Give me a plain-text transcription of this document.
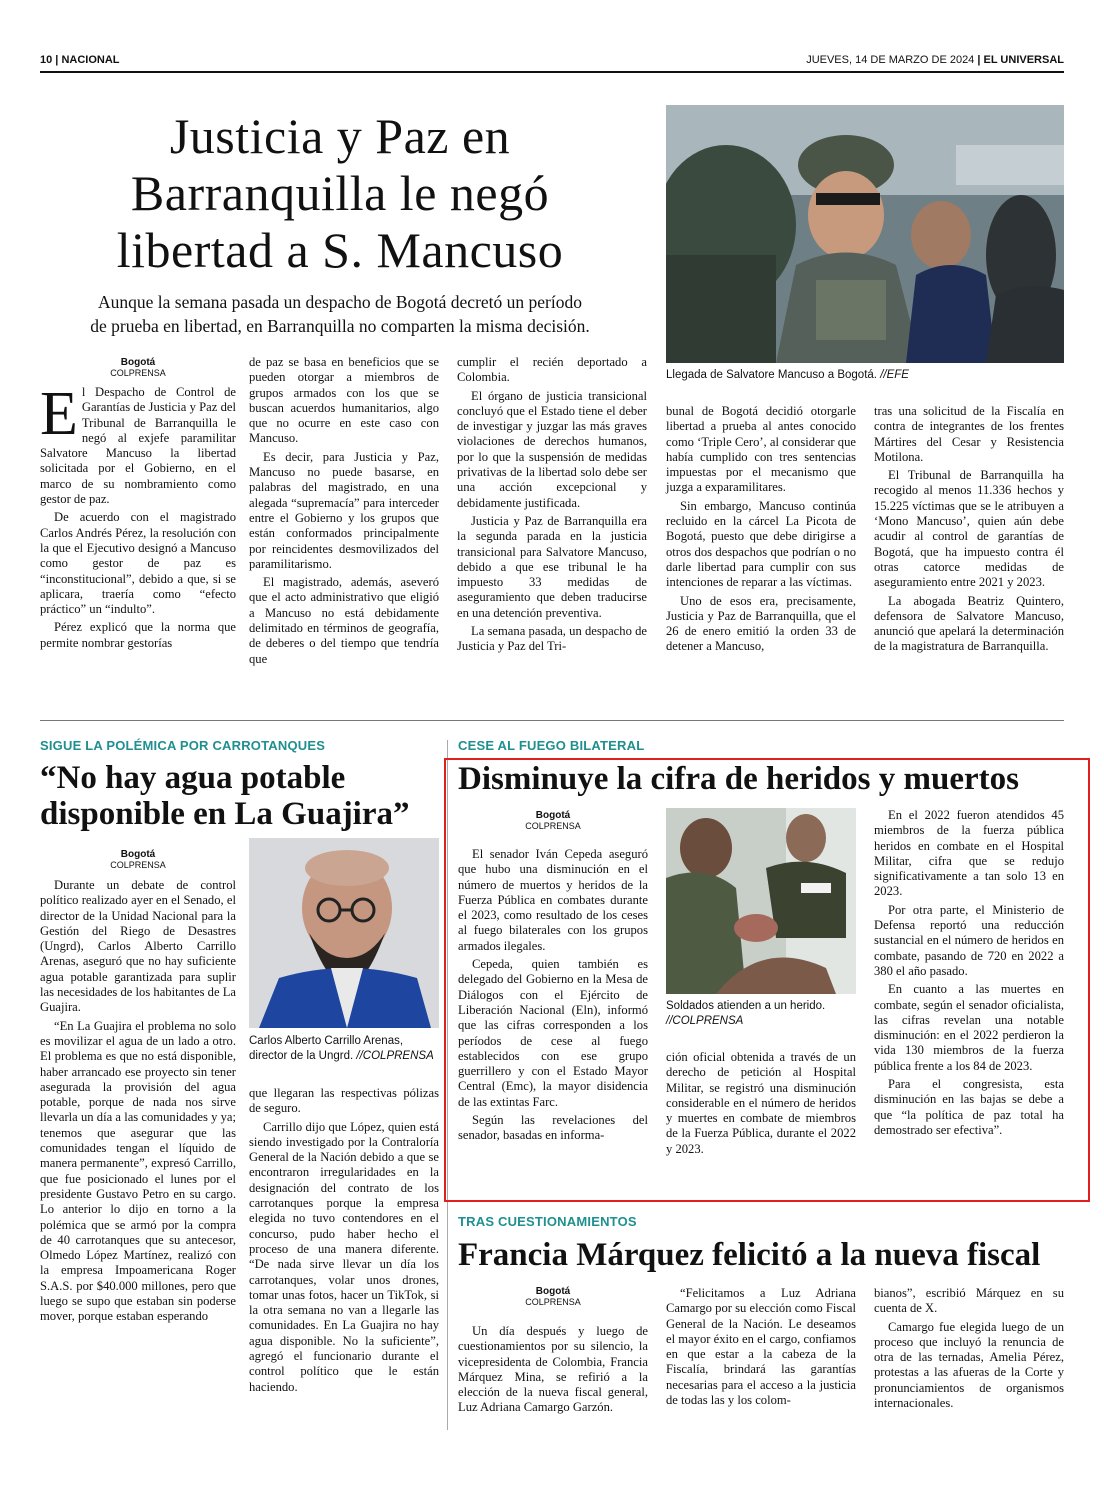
10 | NACIONAL	JUEVES, 14 DE MARZO DE 2024 | EL UNIVERSAL
Justicia y Paz en
Barranquilla le negó
libertad a S. Mancuso
Aunque la semana pasada un despacho de Bogotá decretó un período
de prueba en libertad, en Barranquilla no comparten la misma decisión.
Llegada de Salvatore Mancuso a Bogotá. //EFE
Bogotá
COLPRENSA

El Despacho de Control de Garantías de Justicia y Paz del Tribunal de Barranquilla le negó al exjefe paramilitar Salvatore Mancuso la libertad solicitada por el Gobierno, en el marco de su nombramiento como gestor de paz.

De acuerdo con el magistrado Carlos Andrés Pérez, la resolución con la que el Ejecutivo designó a Mancuso como gestor de paz es “inconstitucional”, debido a que, si se aplicara, traería como “efecto práctico” un “indulto”.

Pérez explicó que la norma que permite nombrar gestorías

de paz se basa en beneficios que se pueden otorgar a miembros de grupos armados con los que se buscan acuerdos humanitarios, algo que no ocurre en este caso con Mancuso.

Es decir, para Justicia y Paz, Mancuso no puede basarse, en palabras del magistrado, en una alegada “supremacía” para interceder entre el Gobierno y los grupos que están conformados principalmente por reincidentes desmovilizados del paramilitarismo.

El magistrado, además, aseveró que el acto administrativo que eligió a Mancuso no está debidamente delimitado en términos de geografía, de deberes o del tiempo que tendría que

cumplir el recién deportado a Colombia.

El órgano de justicia transicional concluyó que el Estado tiene el deber de investigar y juzgar las más graves violaciones de derechos humanos, por lo que la suspensión de medidas privativas de la libertad solo debe ser una acción excepcional y debidamente justificada.

Justicia y Paz de Barranquilla era la segunda parada en la justicia transicional para Salvatore Mancuso, debido a que ese tribunal le ha impuesto 33 medidas de aseguramiento que deben traducirse en una detención preventiva.

La semana pasada, un despacho de Justicia y Paz del Tri-

bunal de Bogotá decidió otorgarle libertad a prueba al antes conocido como ‘Triple Cero’, al considerar que había cumplido con tres sentencias impuestas por el mecanismo que juzga a exparamilitares.

Sin embargo, Mancuso continúa recluido en la cárcel La Picota de Bogotá, puesto que debe dirigirse a otros dos despachos que podrían o no darle libertad para cumplir con sus intenciones de reparar a las víctimas.

Uno de esos era, precisamente, Justicia y Paz de Barranquilla, que el 26 de enero emitió la orden 33 de detener a Mancuso,

tras una solicitud de la Fiscalía en contra de integrantes de los frentes Mártires del Cesar y Resistencia Motilona.

El Tribunal de Barranquilla ha recogido al menos 11.336 hechos y 15.225 víctimas que se le atribuyen a ‘Mono Mancuso’, quien aún debe acudir al control de garantías de Bogotá, que ha impuesto contra él otras catorce medidas de aseguramiento entre 2021 y 2023.

La abogada Beatriz Quintero, defensora de Salvatore Mancuso, anunció que apelará la determinación de la magistratura de Barranquilla.

SIGUE LA POLÉMICA POR CARROTANQUES
“No hay agua potable
disponible en La Guajira”
Bogotá
COLPRENSA
Carlos Alberto Carrillo Arenas,
director de la Ungrd. //COLPRENSA

Durante un debate de control político realizado ayer en el Senado, el director de la Unidad Nacional para la Gestión del Riego de Desastres (Ungrd), Carlos Alberto Carrillo Arenas, aseguró que no hay suficiente agua potable garantizada para suplir las necesidades de los habitantes de La Guajira.

“En La Guajira el problema no solo es movilizar el agua de un lado a otro. El problema es que no está disponible, haber arrancado ese proyecto sin tener asegurada la provisión del agua potable, porque de nada nos sirve llevarla un día a las comunidades y ya; tenemos que asegurar que las comunidades tengan el líquido de manera permanente”, expresó Carrillo, que fue posicionado el lunes por el presidente Gustavo Petro en su cargo. Lo anterior lo dijo en torno a la polémica que se armó por la compra de 40 carrotanques que su antecesor, Olmedo López Martínez, realizó con la empresa Impoamericana Roger S.A.S. por $40.000 millones, pero que luego se supo que estaban sin poderse mover, porque estaban esperando

que llegaran las respectivas pólizas de seguro.

Carrillo dijo que López, quien está siendo investigado por la Contraloría General de la Nación debido a que se encontraron irregularidades en la designación del contrato de los carrotanques porque la empresa elegida no tuvo contendores en el concurso, pudo haber hecho el proceso de una manera diferente. “De nada sirve llevar un día los carrotanques, volar unos drones, tomar unas fotos, hacer un TikTok, si la otra semana no van a llegarle las comunidades. En La Guajira no hay agua disponible. No la suficiente”, agregó el funcionario durante el control político que le están haciendo.

CESE AL FUEGO BILATERAL
Disminuye la cifra de heridos y muertos
Bogotá
COLPRENSA

El senador Iván Cepeda aseguró que hubo una disminución en el número de muertos y heridos de la Fuerza Pública en combates durante el 2023, como resultado de los ceses al fuego bilaterales con los grupos armados ilegales.

Cepeda, quien también es delegado del Gobierno en la Mesa de Diálogos con el Ejército de Liberación Nacional (Eln), informó que las cifras corresponden a los períodos de cese al fuego establecidos con ese grupo guerrillero y con el Estado Mayor Central (Emc), la mayor disidencia de las extintas Farc.

Según las revelaciones del senador, basadas en informa-

Soldados atienden a un herido.
//COLPRENSA

ción oficial obtenida a través de un derecho de petición al Hospital Militar, se registró una disminución considerable en el número de heridos y muertes en combate de miembros de la Fuerza Pública, durante el 2022 y 2023.

En el 2022 fueron atendidos 45 miembros de la fuerza pública heridos en combate en el Hospital Militar, cifra que se redujo significativamente a tan solo 13 en 2023.

Por otra parte, el Ministerio de Defensa reportó una reducción sustancial en el número de heridos en combate, pasando de 720 en 2022 a 380 el año pasado.

En cuanto a las muertes en combate, según el senador oficialista, las cifras revelan una notable disminución: en el 2022 perdieron la vida 130 miembros de la fuerza pública frente a los 84 de 2023.

Para el congresista, esta disminución en las bajas se debe a que “la política de paz total ha demostrado ser efectiva”.

TRAS CUESTIONAMIENTOS
Francia Márquez felicitó a la nueva fiscal
Bogotá
COLPRENSA

Un día después y luego de cuestionamientos por su silencio, la vicepresidenta de Colombia, Francia Márquez Mina, se refirió a la elección de la nueva fiscal general, Luz Adriana Camargo Garzón.

“Felicitamos a Luz Adriana Camargo por su elección como Fiscal General de la Nación. Le deseamos el mayor éxito en el cargo, confiamos en que estar a la cabeza de la Fiscalía, brindará las garantías necesarias para el acceso a la justicia de todas las y los colom-

bianos”, escribió Márquez en su cuenta de X.

Camargo fue elegida luego de un proceso que incluyó la renuncia de otra de las ternadas, Amelia Pérez, protestas a las afueras de la Corte y pronunciamientos de organismos internacionales.
